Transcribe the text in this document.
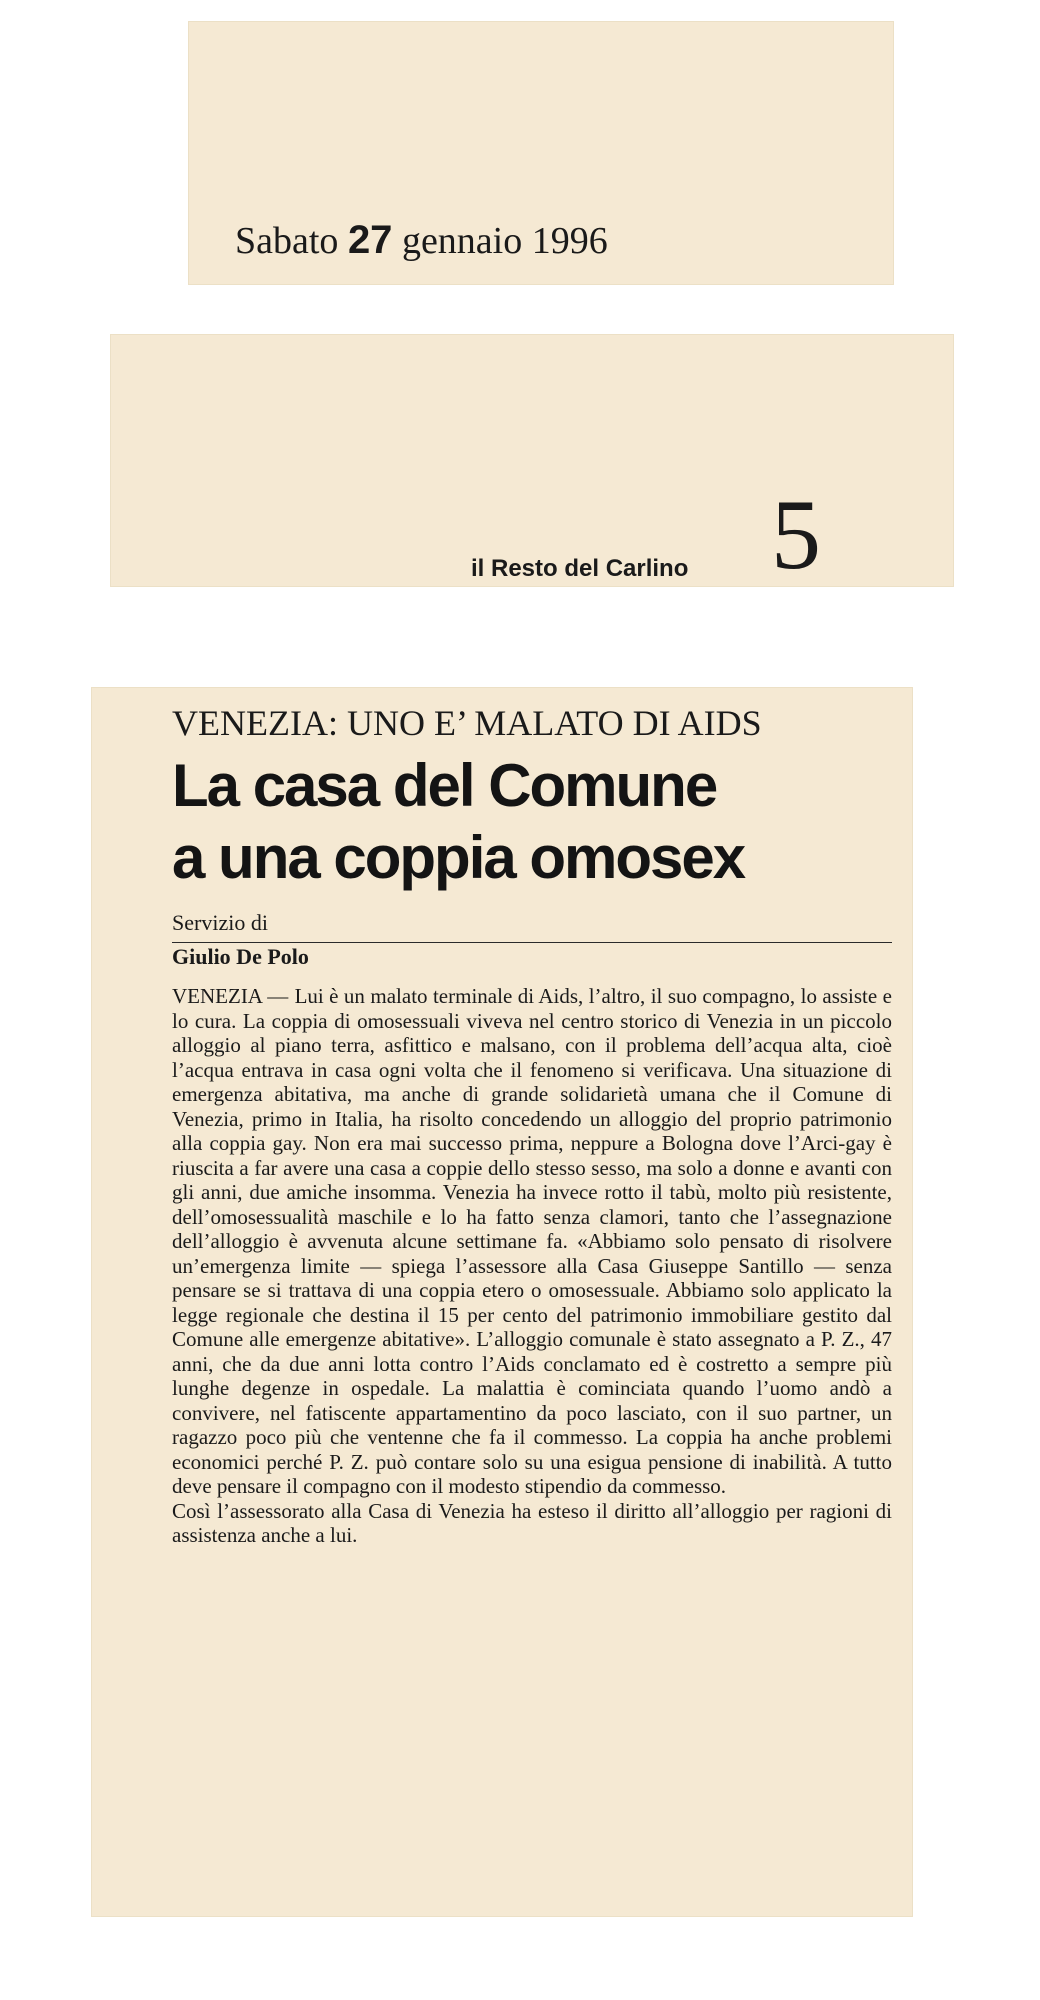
Sabato 27 gennaio 1996
il Resto del Carlino 5
VENEZIA: UNO E’ MALATO DI AIDS
La casa del Comune
a una coppia omosex
Servizio di
Giulio De Polo

VENEZIA — Lui è un malato terminale di Aids, l’altro, il suo compagno, lo assiste e lo cura. La coppia di omosessuali viveva nel centro storico di Venezia in un piccolo alloggio al piano terra, asfittico e malsano, con il problema dell’acqua alta, cioè l’acqua entrava in casa ogni volta che il fenomeno si verificava. Una situazione di emergenza abitativa, ma anche di grande solidarietà umana che il Comune di Venezia, primo in Italia, ha risolto concedendo un alloggio del proprio patrimonio alla coppia gay. Non era mai successo prima, neppure a Bologna dove l’Arci-gay è riuscita a far avere una casa a coppie dello stesso sesso, ma solo a donne e avanti con gli anni, due amiche insomma. Venezia ha invece rotto il tabù, molto più resistente, dell’omosessualità maschile e lo ha fatto senza clamori, tanto che l’assegnazione dell’alloggio è avvenuta alcune settimane fa. «Abbiamo solo pensato di risolvere un’emergenza limite — spiega l’assessore alla Casa Giuseppe Santillo — senza pensare se si trattava di una coppia etero o omosessuale. Abbiamo solo applicato la legge regionale che destina il 15 per cento del patrimonio immobiliare gestito dal Comune alle emergenze abitative». L’alloggio comunale è stato assegnato a P. Z., 47 anni, che da due anni lotta contro l’Aids conclamato ed è costretto a sempre più lunghe degenze in ospedale. La malattia è cominciata quando l’uomo andò a convivere, nel fatiscente appartamentino da poco lasciato, con il suo partner, un ragazzo poco più che ventenne che fa il commesso. La coppia ha anche problemi economici perché P. Z. può contare solo su una esigua pensione di inabilità. A tutto deve pensare il compagno con il modesto stipendio da commesso.

Così l’assessorato alla Casa di Venezia ha esteso il diritto all’alloggio per ragioni di assistenza anche a lui.
